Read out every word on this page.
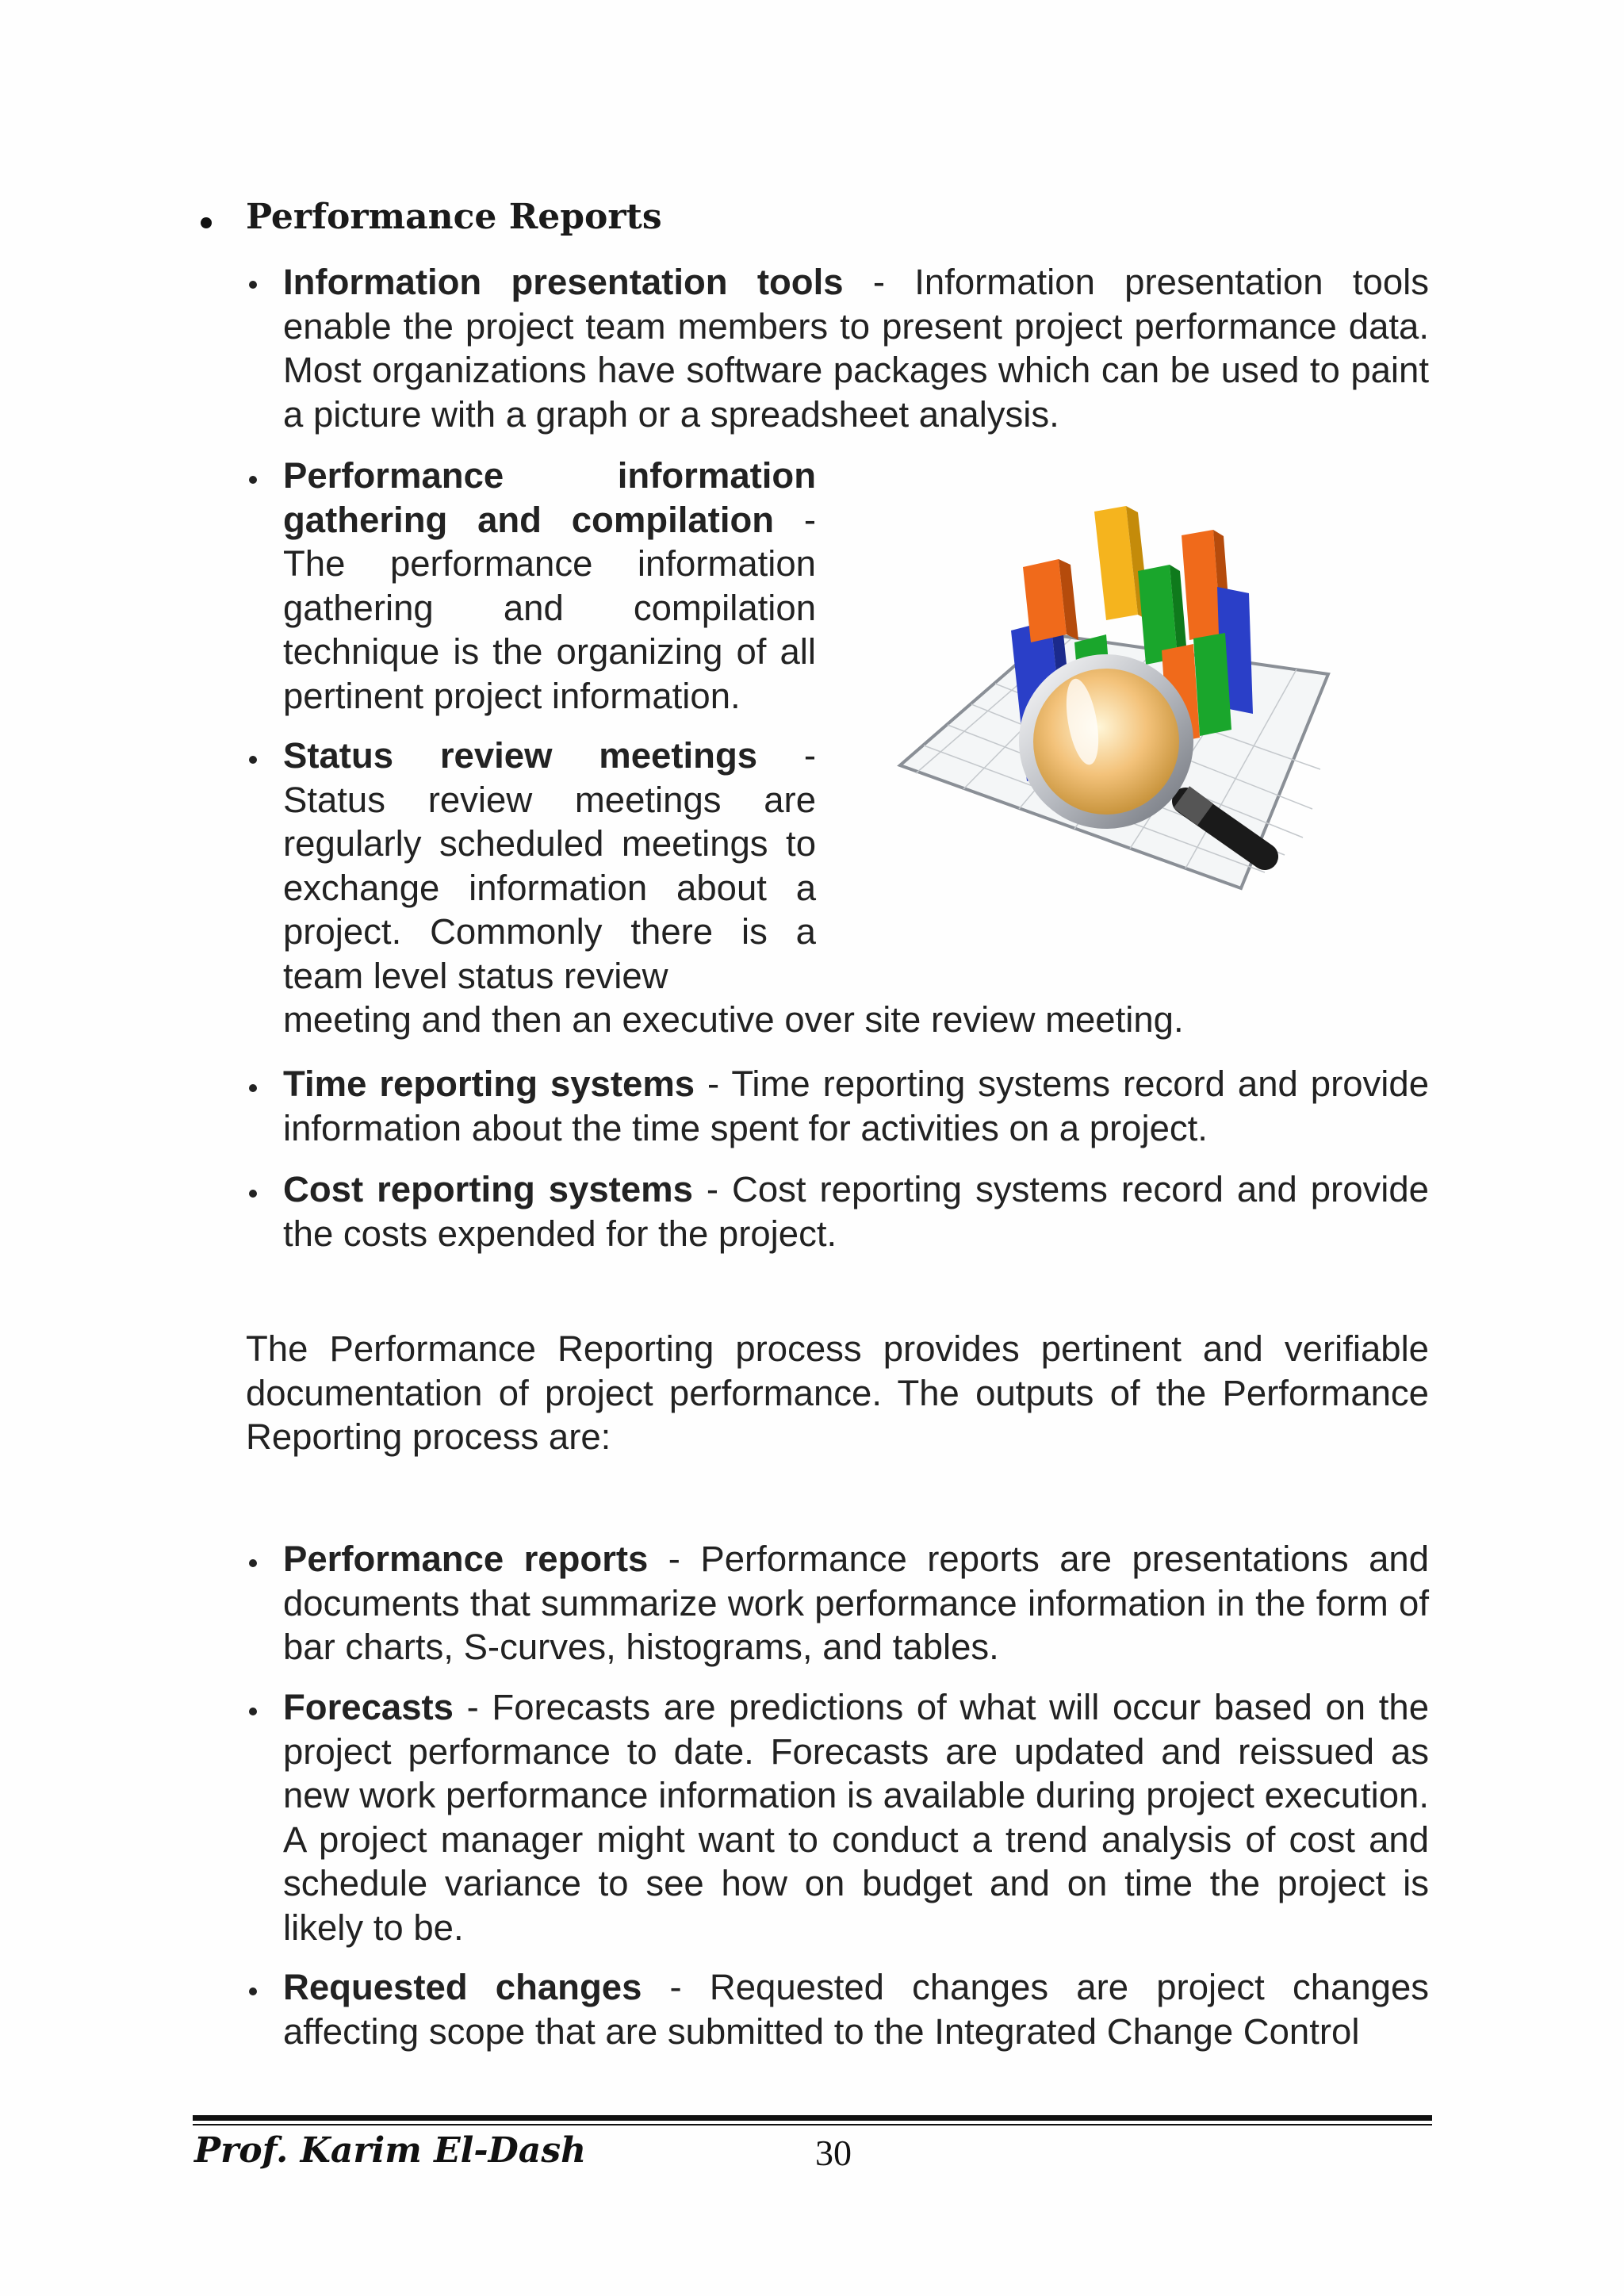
Performance Reports
Information presentation tools - Information presentation tools enable the project team members to present project performance data. Most organizations have software packages which can be used to paint a picture with a graph or a spreadsheet analysis.
Performance information gathering and compilation - The performance information gathering and compilation technique is the organizing of all pertinent project information.
Status review meetings - Status review meetings are regularly scheduled meetings to exchange information about a project. Commonly there is a team level status review
meeting and then an executive over site review meeting.
Time reporting systems - Time reporting systems record and provide information about the time spent for activities on a project.
Cost reporting systems - Cost reporting systems record and provide the costs expended for the project.
The Performance Reporting process provides pertinent and verifiable documentation of project performance. The outputs of the Performance Reporting process are:
Performance reports - Performance reports are presentations and documents that summarize work performance information in the form of bar charts, S-curves, histograms, and tables.
Forecasts - Forecasts are predictions of what will occur based on the project performance to date. Forecasts are updated and reissued as new work performance information is available during project execution. A project manager might want to conduct a trend analysis of cost and schedule variance to see how on budget and on time the project is likely to be.
Requested changes - Requested changes are project changes affecting scope that are submitted to the Integrated Change Control
Prof. Karim El-Dash	30
